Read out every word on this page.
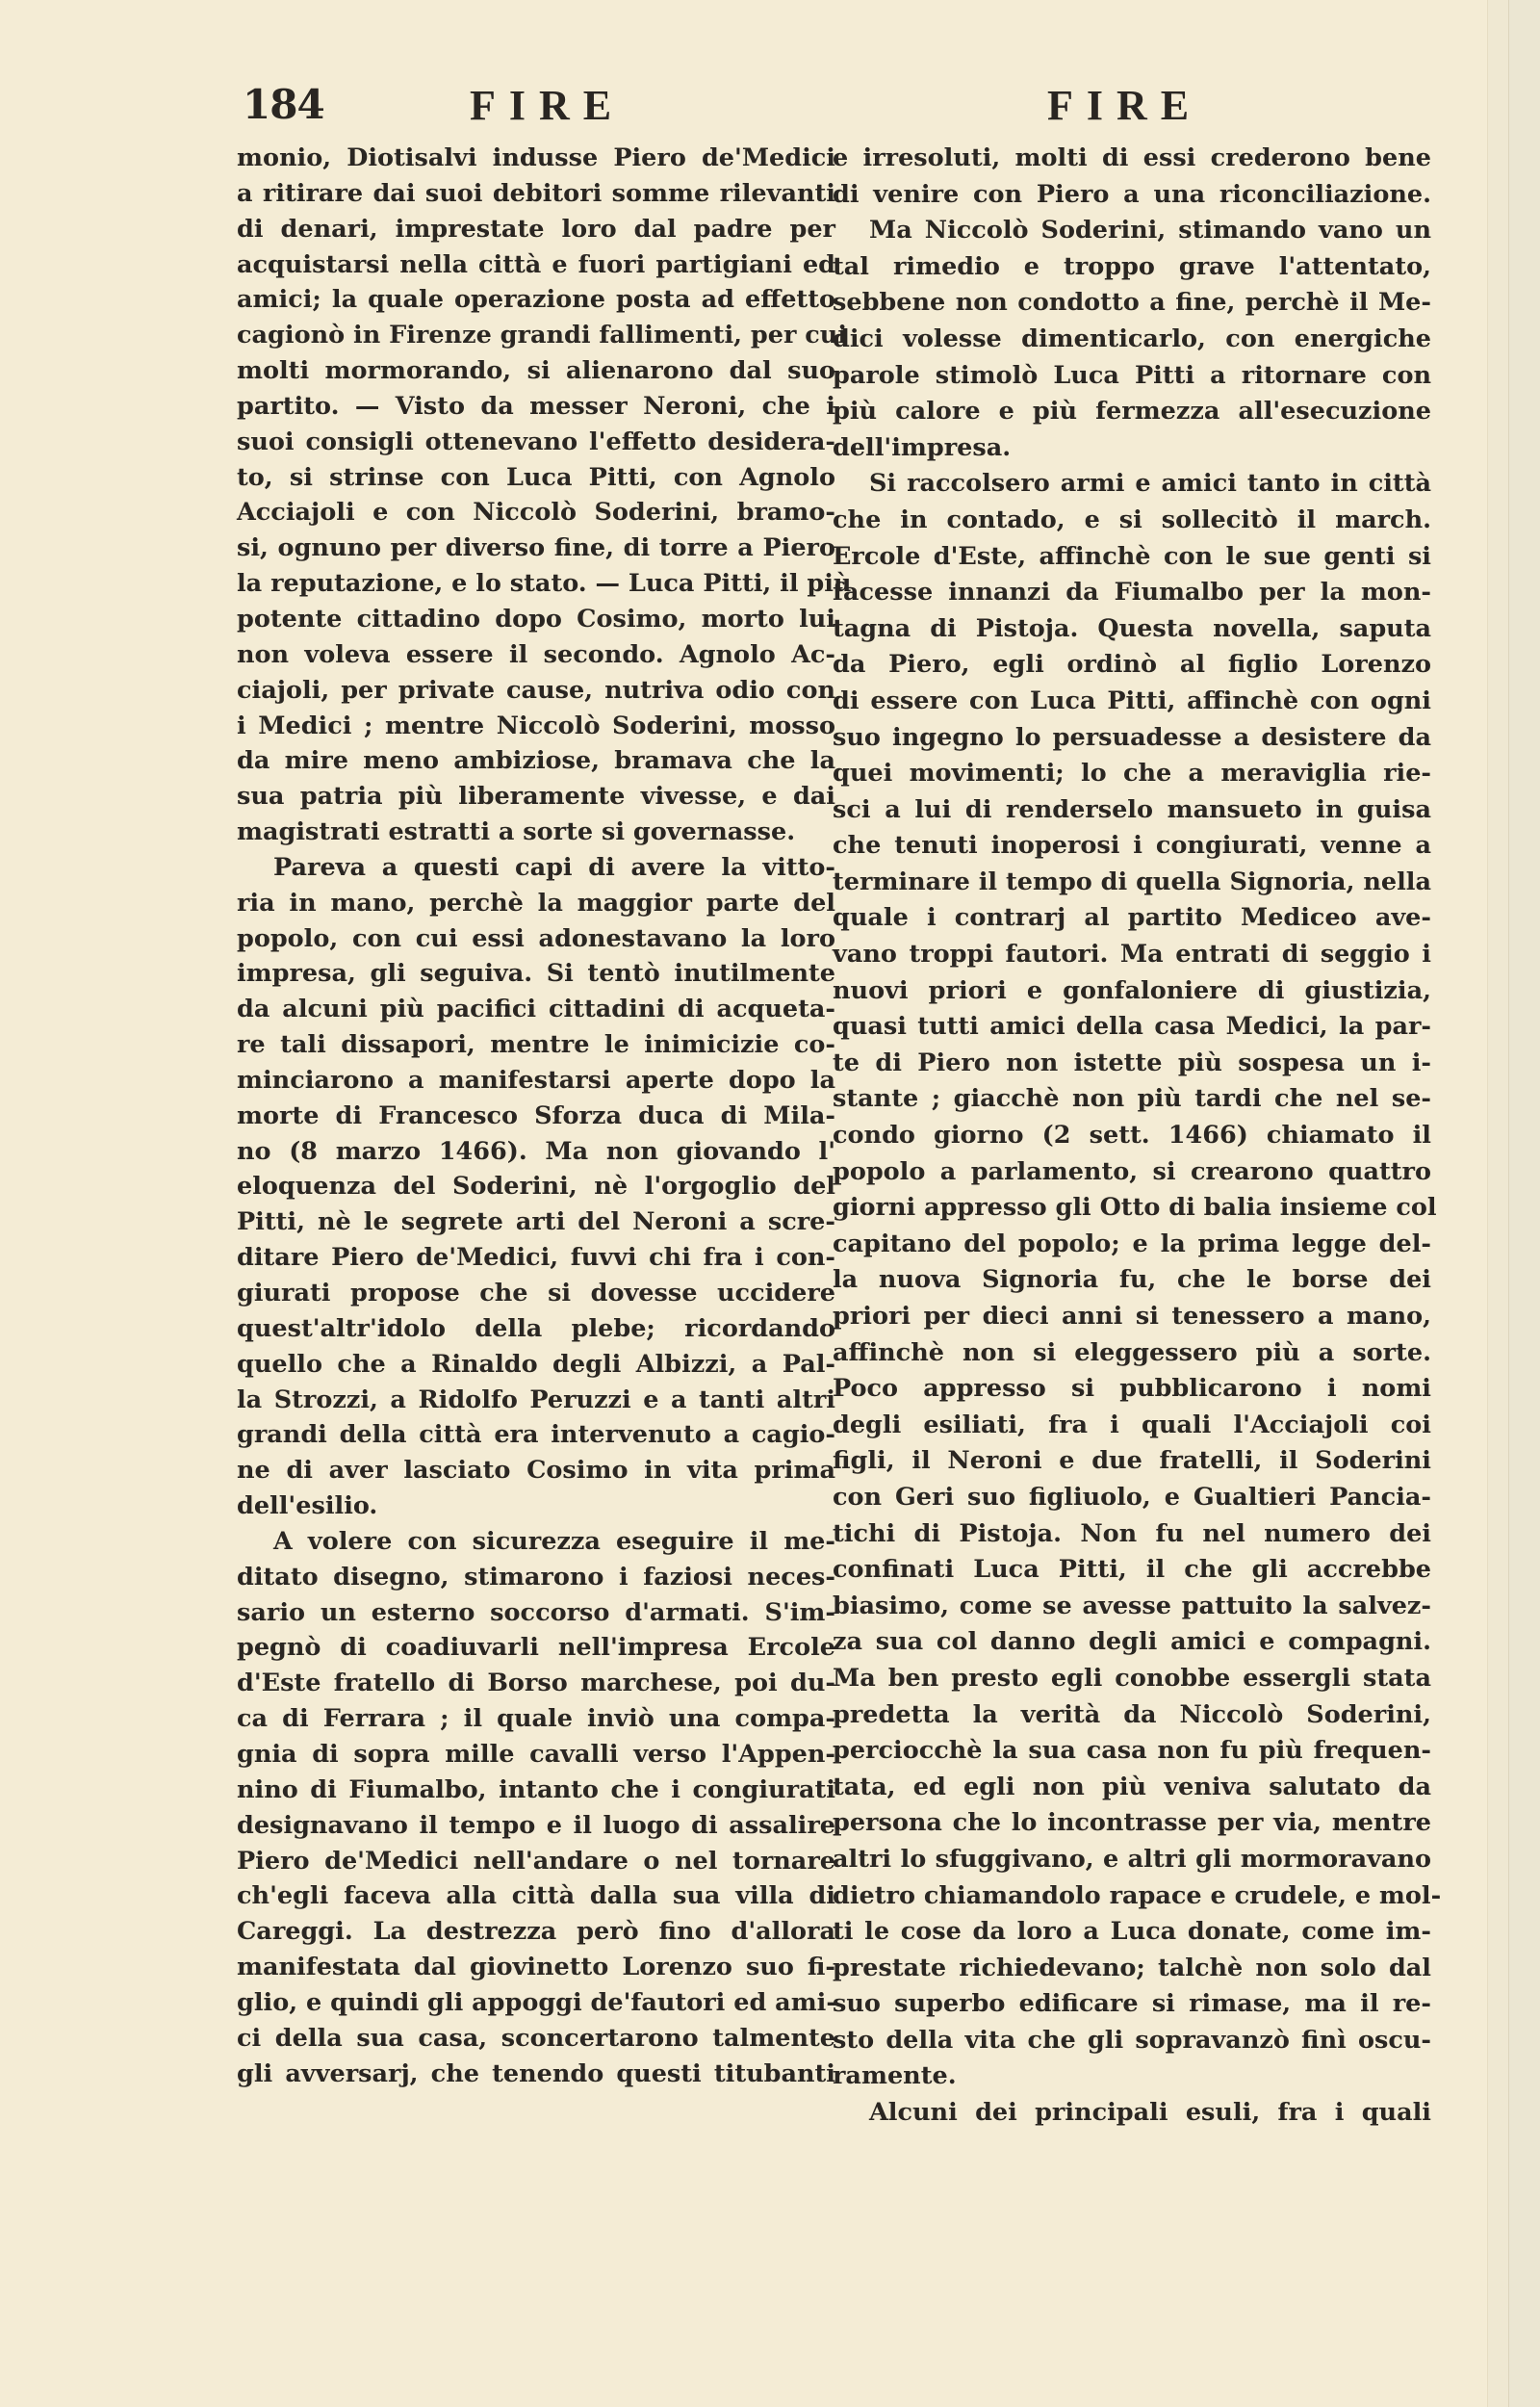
184	FIRE	FIRE
monio, Diotisalvi indusse Piero de'Medici
a ritirare dai suoi debitori somme rilevanti
di denari, imprestate loro dal padre per
acquistarsi nella città e fuori partigiani ed
amici; la quale operazione posta ad effetto
cagionò in Firenze grandi fallimenti, per cui
molti mormorando, si alienarono dal suo
partito. — Visto da messer Neroni, che i
suoi consigli ottenevano l'effetto desidera-
to, si strinse con Luca Pitti, con Agnolo
Acciajoli e con Niccolò Soderini, bramo-
si, ognuno per diverso fine, di torre a Piero
la reputazione, e lo stato. — Luca Pitti, il più
potente cittadino dopo Cosimo, morto lui
non voleva essere il secondo. Agnolo Ac-
ciajoli, per private cause, nutriva odio con
i Medici ; mentre Niccolò Soderini, mosso
da mire meno ambiziose, bramava che la
sua patria più liberamente vivesse, e dai
magistrati estratti a sorte si governasse.
Pareva a questi capi di avere la vitto-
ria in mano, perchè la maggior parte del
popolo, con cui essi adonestavano la loro
impresa, gli seguiva. Si tentò inutilmente
da alcuni più pacifici cittadini di acqueta-
re tali dissapori, mentre le inimicizie co-
minciarono a manifestarsi aperte dopo la
morte di Francesco Sforza duca di Mila-
no (8 marzo 1466). Ma non giovando l'
eloquenza del Soderini, nè l'orgoglio del
Pitti, nè le segrete arti del Neroni a scre-
ditare Piero de'Medici, fuvvi chi fra i con-
giurati propose che si dovesse uccidere
quest'altr'idolo della plebe; ricordando
quello che a Rinaldo degli Albizzi, a Pal-
la Strozzi, a Ridolfo Peruzzi e a tanti altri
grandi della città era intervenuto a cagio-
ne di aver lasciato Cosimo in vita prima
dell'esilio.
A volere con sicurezza eseguire il me-
ditato disegno, stimarono i faziosi neces-
sario un esterno soccorso d'armati. S'im-
pegnò di coadiuvarli nell'impresa Ercole
d'Este fratello di Borso marchese, poi du-
ca di Ferrara ; il quale inviò una compa-
gnia di sopra mille cavalli verso l'Appen-
nino di Fiumalbo, intanto che i congiurati
designavano il tempo e il luogo di assalire
Piero de'Medici nell'andare o nel tornare
ch'egli faceva alla città dalla sua villa di
Careggi. La destrezza però fino d'allora
manifestata dal giovinetto Lorenzo suo fi-
glio, e quindi gli appoggi de'fautori ed ami-
ci della sua casa, sconcertarono talmente
gli avversarj, che tenendo questi titubanti
e irresoluti, molti di essi crederono bene
di venire con Piero a una riconciliazione.
Ma Niccolò Soderini, stimando vano un
tal rimedio e troppo grave l'attentato,
sebbene non condotto a fine, perchè il Me-
dici volesse dimenticarlo, con energiche
parole stimolò Luca Pitti a ritornare con
più calore e più fermezza all'esecuzione
dell'impresa.
Si raccolsero armi e amici tanto in città
che in contado, e si sollecitò il march.
Ercole d'Este, affinchè con le sue genti si
facesse innanzi da Fiumalbo per la mon-
tagna di Pistoja. Questa novella, saputa
da Piero, egli ordinò al figlio Lorenzo
di essere con Luca Pitti, affinchè con ogni
suo ingegno lo persuadesse a desistere da
quei movimenti; lo che a meraviglia rie-
sci a lui di renderselo mansueto in guisa
che tenuti inoperosi i congiurati, venne a
terminare il tempo di quella Signoria, nella
quale i contrarj al partito Mediceo ave-
vano troppi fautori. Ma entrati di seggio i
nuovi priori e gonfaloniere di giustizia,
quasi tutti amici della casa Medici, la par-
te di Piero non istette più sospesa un i-
stante ; giacchè non più tardi che nel se-
condo giorno (2 sett. 1466) chiamato il
popolo a parlamento, si crearono quattro
giorni appresso gli Otto di balia insieme col
capitano del popolo; e la prima legge del-
la nuova Signoria fu, che le borse dei
priori per dieci anni si tenessero a mano,
affinchè non si eleggessero più a sorte.
Poco appresso si pubblicarono i nomi
degli esiliati, fra i quali l'Acciajoli coi
figli, il Neroni e due fratelli, il Soderini
con Geri suo figliuolo, e Gualtieri Pancia-
tichi di Pistoja. Non fu nel numero dei
confinati Luca Pitti, il che gli accrebbe
biasimo, come se avesse pattuito la salvez-
za sua col danno degli amici e compagni.
Ma ben presto egli conobbe essergli stata
predetta la verità da Niccolò Soderini,
perciocchè la sua casa non fu più frequen-
tata, ed egli non più veniva salutato da
persona che lo incontrasse per via, mentre
altri lo sfuggivano, e altri gli mormoravano
dietro chiamandolo rapace e crudele, e mol-
ti le cose da loro a Luca donate, come im-
prestate richiedevano; talchè non solo dal
suo superbo edificare si rimase, ma il re-
sto della vita che gli sopravanzò finì oscu-
ramente.
Alcuni dei principali esuli, fra i quali
